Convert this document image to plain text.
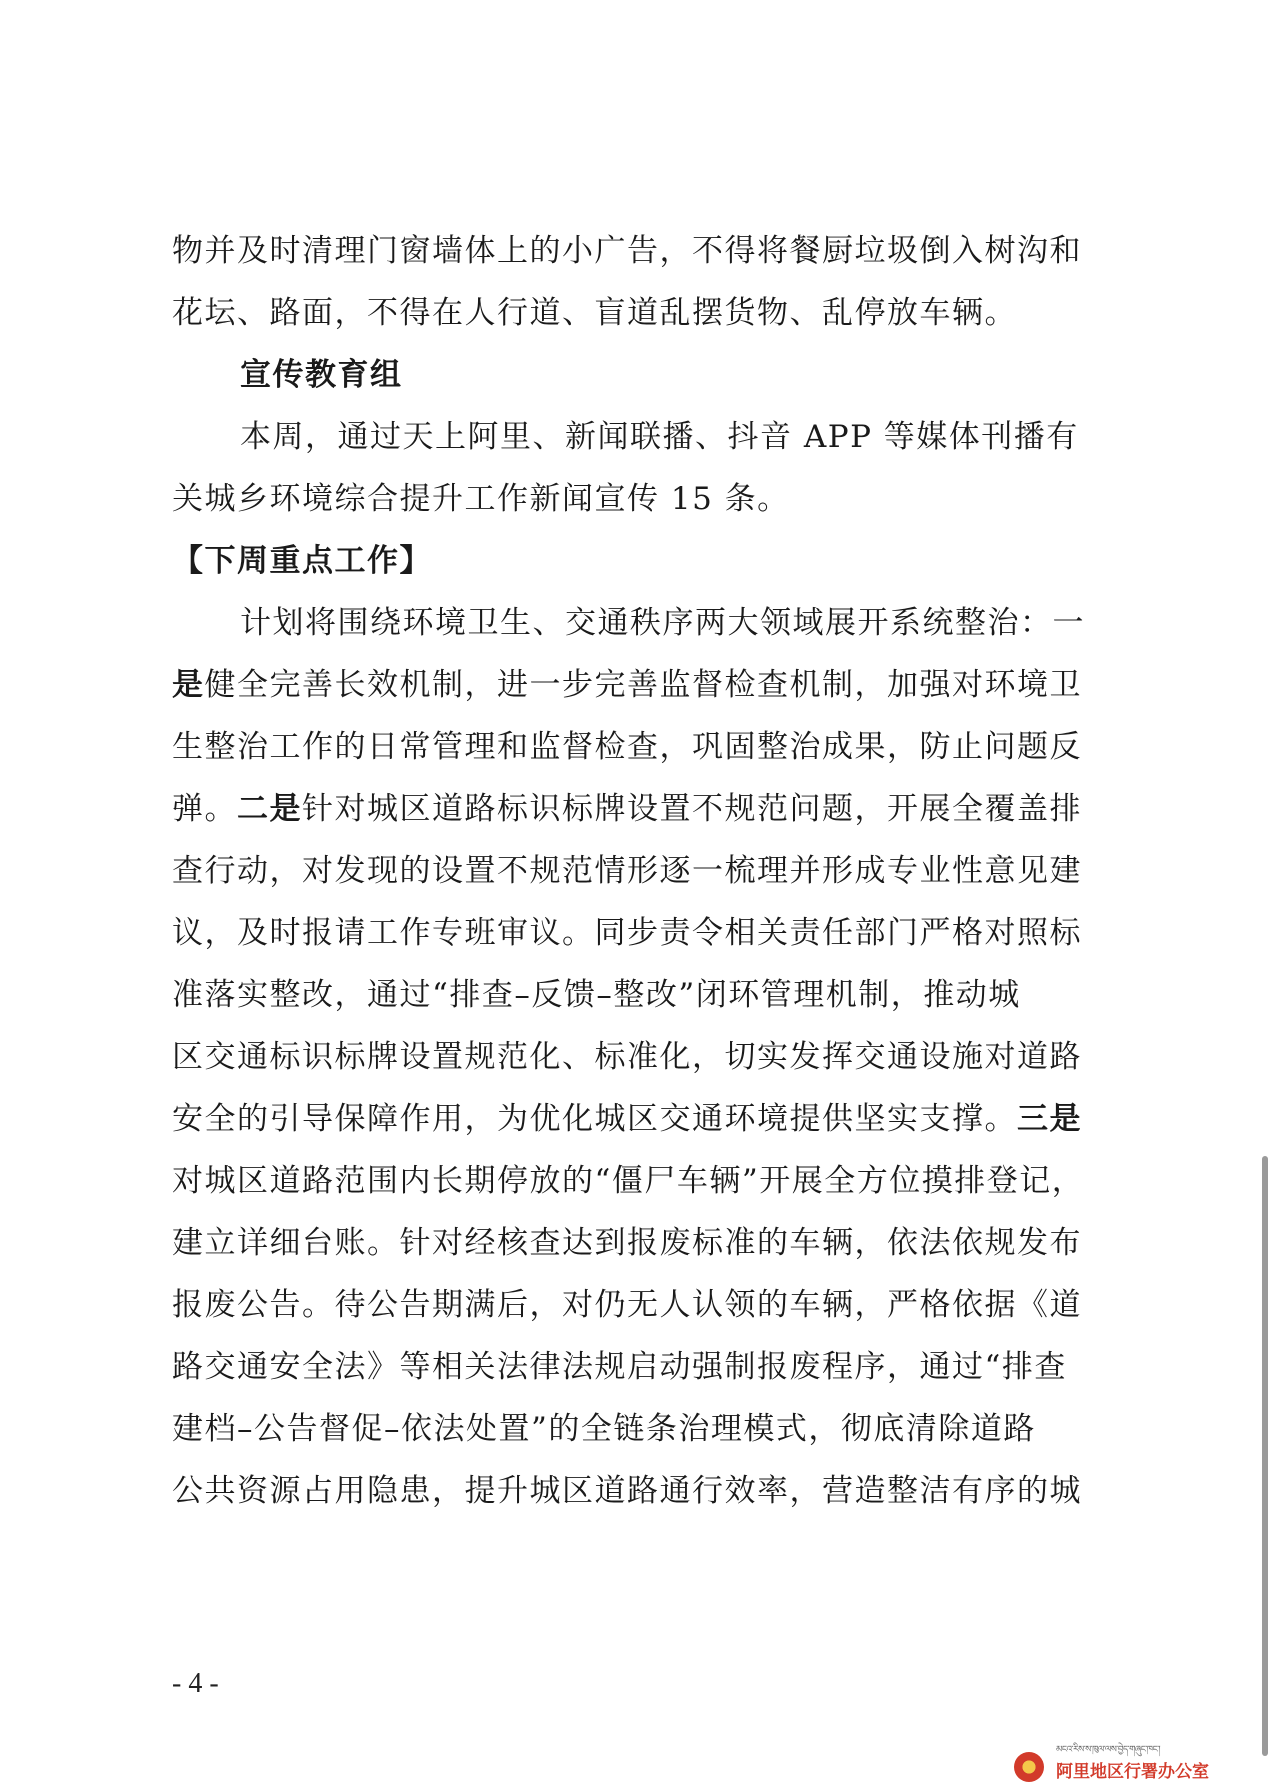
物并及时清理门窗墙体上的小广告，不得将餐厨垃圾倒入树沟和
花坛、路面，不得在人行道、盲道乱摆货物、乱停放车辆。
宣传教育组
本周，通过天上阿里、新闻联播、抖音 APP 等媒体刊播有
关城乡环境综合提升工作新闻宣传 15 条。
【下周重点工作】
计划将围绕环境卫生、交通秩序两大领域展开系统整治：一
是健全完善长效机制，进一步完善监督检查机制，加强对环境卫
生整治工作的日常管理和监督检查，巩固整治成果，防止问题反
弹。二是针对城区道路标识标牌设置不规范问题，开展全覆盖排
查行动，对发现的设置不规范情形逐一梳理并形成专业性意见建
议，及时报请工作专班审议。同步责令相关责任部门严格对照标
准落实整改，通过“排查–反馈–整改”闭环管理机制，推动城
区交通标识标牌设置规范化、标准化，切实发挥交通设施对道路
安全的引导保障作用，为优化城区交通环境提供坚实支撑。三是
对城区道路范围内长期停放的“僵尸车辆”开展全方位摸排登记，
建立详细台账。针对经核查达到报废标准的车辆，依法依规发布
报废公告。待公告期满后，对仍无人认领的车辆，严格依据《道
路交通安全法》等相关法律法规启动强制报废程序，通过“排查
建档–公告督促–依法处置”的全链条治理模式，彻底清除道路
公共资源占用隐患，提升城区道路通行效率，营造整洁有序的城
- 4 -
མངའ་རིས་ས་ཁུལ་ལས་བྱེད་གཞུང་ཁང་།
阿里地区行署办公室
